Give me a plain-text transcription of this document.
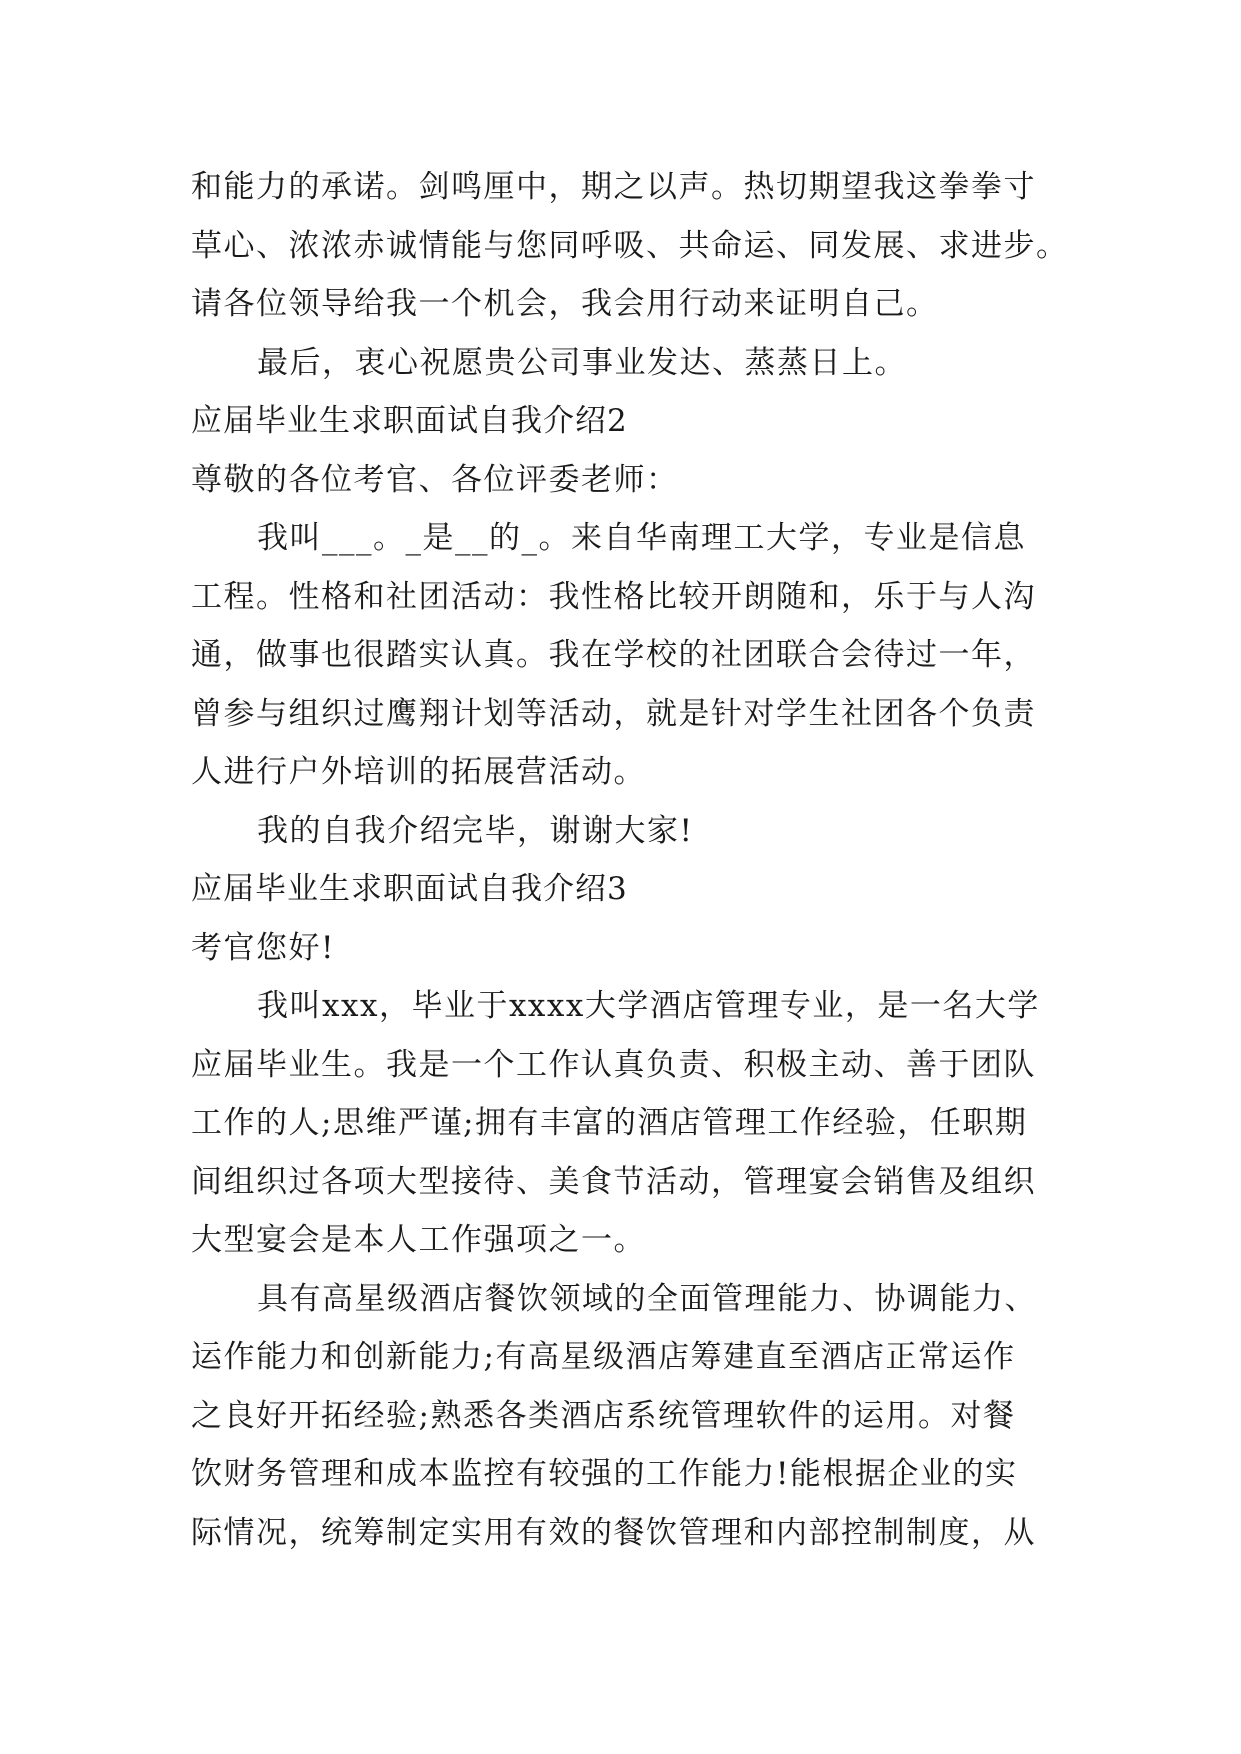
和能力的承诺。剑鸣厘中，期之以声。热切期望我这拳拳寸
草心、浓浓赤诚情能与您同呼吸、共命运、同发展、求进步。
请各位领导给我一个机会，我会用行动来证明自己。
最后，衷心祝愿贵公司事业发达、蒸蒸日上。
应届毕业生求职面试自我介绍2
尊敬的各位考官、各位评委老师：
我叫___。_是__的_。来自华南理工大学，专业是信息
工程。性格和社团活动：我性格比较开朗随和，乐于与人沟
通，做事也很踏实认真。我在学校的社团联合会待过一年，
曾参与组织过鹰翔计划等活动，就是针对学生社团各个负责
人进行户外培训的拓展营活动。
我的自我介绍完毕，谢谢大家!
应届毕业生求职面试自我介绍3
考官您好!
我叫xxx，毕业于xxxx大学酒店管理专业，是一名大学
应届毕业生。我是一个工作认真负责、积极主动、善于团队
工作的人;思维严谨;拥有丰富的酒店管理工作经验，任职期
间组织过各项大型接待、美食节活动，管理宴会销售及组织
大型宴会是本人工作强项之一。
具有高星级酒店餐饮领域的全面管理能力、协调能力、
运作能力和创新能力;有高星级酒店筹建直至酒店正常运作
之良好开拓经验;熟悉各类酒店系统管理软件的运用。对餐
饮财务管理和成本监控有较强的工作能力!能根据企业的实
际情况，统筹制定实用有效的餐饮管理和内部控制制度，从
